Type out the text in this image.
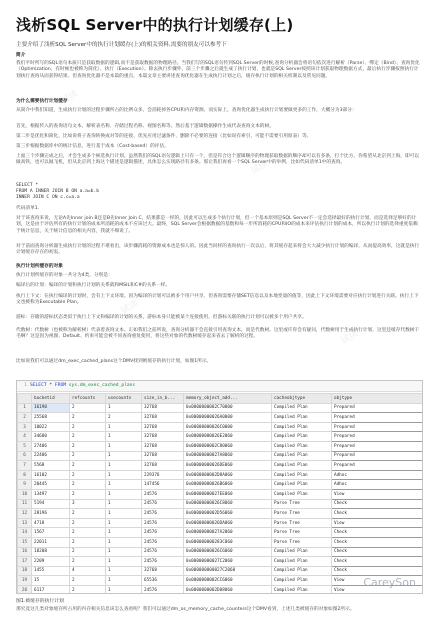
试读
试读
试读
试读
浅析SQL Server中的执行计划缓存(上)
主要介绍了浅析SQL Server中的执行计划缓存(上)的相关资料,需要的朋友可以参考下
简介
我们平时所写的SQL语句本质只是获取数据的逻辑,而不是获取数据的物理路径。当我们写的SQL语句传到SQL Server的时候,查询分析器会将语句依次进行解析（Parse）、绑定（Bind）、查询优化（Optimization，有时候也被称为简化）、执行（Execution）。除去执行步骤外，前三个步骤之后就生成了执行计划，也就是SQL Server按照该计划获取物理数据方式，最后执行步骤按照执行计划执行查询从而获得结果。但查询优化器不是本篇的重点，本篇文章主要讲述查询优化器在生成执行计划之后，缓存执行计划的相关机制以及常见问题。
为什么需要执行计划缓存
从简介中我们知道，生成执行计划的过程步骤所占的比例众多，会消耗掉各CPU和内存资源。而实际上，查询优化器生成执行计划要做更多的工作，大概分为3部分：
首先，根据传入的查询语句文本，解析表名称、存储过程名称、视图名称等。然后基于逻辑数据操作生成代表查询文本的树。
第二步是优化和简化，比如说将子查询转换成对等的连接、优先应用过滤条件、删除不必要的连接（比如说有索引，可能不需要引用原表）等。
第三步根据数据库中的统计信息，进行基于成本（Cost-based）的评估。
上面三个步骤完成之后，才会生成多个候选执行计划。虽然我们的SQL语句逻辑上只有一个，但是符合这个逻辑顺序的物理获取数据的顺序却可以有多条，打个比方，你希望从北京到上海，即可以做高铁，也可以做飞机，但从北京到上海这个描述是逻辑描述，具体怎么实现路径有多条。那让我们再看一个SQL Server中的举例，比如代码清单1中的查询。
SELECT *
FROM A INNER JOIN B ON a.a=b.b
INNER JOIN C ON c.c=a.a
代码清单1.
对于该查询来说，无论A先Inner join B还是B先Inner Join C，结果都是一样的，因此可以生成多个执行计划，但一个基本原则是SQL Server不一定会选择最好的执行计划，而是选择足够好的计划，这是由于评估所有的执行计划的成本所消耗的成本不应该过大。最终，SQL Server会根据数据的基数和每一步所消耗的CPU和IO的成本来评估执行计划的成本，所以执行计划的选择重度依赖于统计信息，关于统计信息的相关内容，我就不细说了。
对于前面查询分析器生成执行计划的过程不难看出，该步骤消耗的资源成本也是惊人的。因此当同样的查询执行一次以后，将其缓存起来将会大大减少执行计划的编译，从而提高效率，这就是执行计划缓存存在的初衷。
执行计划所缓存的对象
执行计划所缓存的对象一共分为4类，分别是：
编译后的计划：编译的计划和执行计划的关系就和MSIL和C#的关系一样。
执行上下文：在执行编译的计划时，会有上下文环境。因为编译的计划可以被多个用户共享，但查询需要存储SET信息以及本地变量的值等，因此上下文环境需要对应执行计划进行关联。执行上下文也被称为Executable Plan。
游标：存储的游标状态类似于执行上下文和编译的计划的关系。游标本身只能被某个连接使用，但游标关联的执行计划可以被多个用户共享。
代数树：代数树（也被称为解析树）代表着查询文本。正如我们之前所说，查询分析器不会直接引用查询文本，而是代数树。这里或许你会有疑问，代数树用于生成执行计划，这里还缓存代数树干毛啊？这是因为视图、Default、约束可能会被不同查询重复使用，将这些对象的代数树缓存起来省去了解析的过程。
比如说我们可以通过dm_exec_cached_plans这个DMV找到被缓存的执行计划，如图1所示。
1 SELECT * FROM sys.dm_exec_cached_plans
	bucketid	refcounts	usecounts	size_in_b...	memory_object_add...	cacheobjtype	objtype
1	16190	2	1	32768	0x0000000002C70000	Compiled Plan	Prepared
2	25568	2	2	32768	0x00000000026A0000	Compiled Plan	Prepared
3	10022	2	1	32768	0x00000000026C0000	Compiled Plan	Prepared
4	34680	2	1	32768	0x00000000026E2060	Compiled Plan	Prepared
5	27406	2	1	32768	0x0000000002C80060	Compiled Plan	Prepared
6	22406	2	1	32768	0x00000000027A8060	Compiled Plan	Prepared
7	5568	2	1	32768	0x00000000026DE060	Compiled Plan	Prepared
8	16102	2	1	229376	0x0000000002D8A060	Compiled Plan	Adhoc
9	20445	2	1	147456	0x00000000026B6060	Compiled Plan	Adhoc
10	13497	2	1	24576	0x00000000027EE060	Compiled Plan	View
11	5194	3	1	24576	0x00000000026C8060	Parse Tree	Check
12	28196	2	1	24576	0x0000000002D56060	Parse Tree	Check
13	4718	2	1	24576	0x00000000026DA060	Parse Tree	View
14	1567	2	1	24576	0x00000000027A2060	Parse Tree	Check
15	22011	2	1	24576	0x000000000283C060	Parse Tree	Check
16	18208	2	1	24576	0x00000000026C6060	Compiled Plan	Check
17	2209	2	1	24576	0x00000000027C2060	Compiled Plan	Check
18	1455	4	1	32768	0x000000000027C2060	Compiled Plan	Check
19	15	2	1	65536	0x0000000002CC6060	Compiled Plan	View
20	6117	2	1	24576	0x0000000002D08060	Compiled Plan	View
CareySon
图1.被缓存的执行计划
那究竟这几类对象缓存所占用的内存相关信息该怎么查看呢？我们可以通过dm_os_memory_cache_counters这个DMV看到，上述几类被缓存的对象如图2所示。
